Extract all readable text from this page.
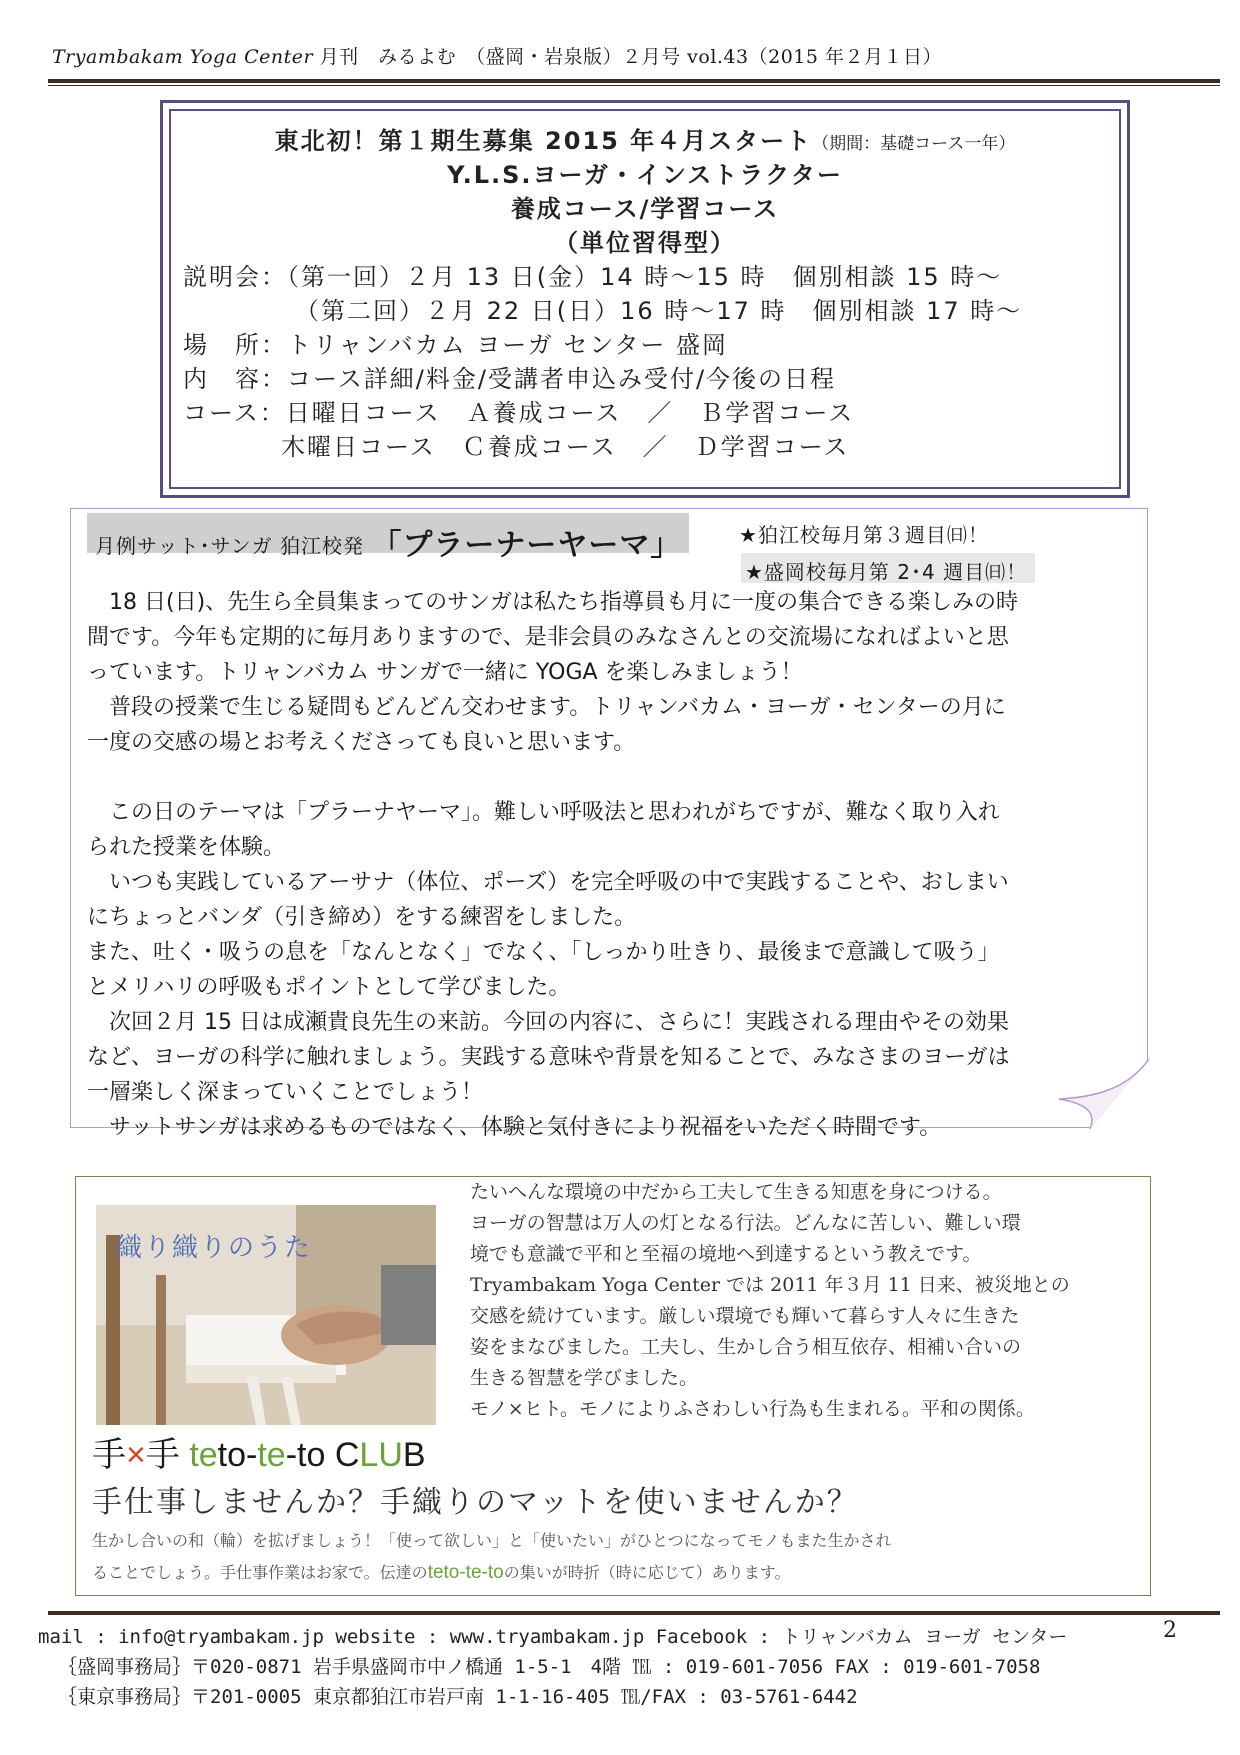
Tryambakam Yoga Center 月刊　みるよむ　（盛岡・岩泉版）２月号 vol.43（2015 年２月１日）
東北初！第１期生募集 2015 年４月スタート（期間：基礎コース一年）
Y.L.S.ヨーガ・インストラクター
養成コース/学習コース
（単位習得型）
説明会：（第一回）２月 13 日(金）14 時〜15 時　個別相談 15 時〜
（第二回）２月 22 日(日）16 時〜17 時　個別相談 17 時〜
場　所：トリャンバカム ヨーガ センター 盛岡
内　容：コース詳細/料金/受講者申込み受付/今後の日程
コース：日曜日コース　Ａ養成コース　／　Ｂ学習コース
木曜日コース　Ｃ養成コース　／　Ｄ学習コース
月例サット･サンガ 狛江校発 「プラーナーヤーマ」	★狛江校毎月第３週目㈰！
★盛岡校毎月第 2･4 週目㈰！

　18 日(日)、先生ら全員集まってのサンガは私たち指導員も月に一度の集合できる楽しみの時

間です。今年も定期的に毎月ありますので、是非会員のみなさんとの交流場になればよいと思

っています。トリャンバカム サンガで一緒に YOGA を楽しみましょう！

　普段の授業で生じる疑問もどんどん交わせます。トリャンバカム・ヨーガ・センターの月に

一度の交感の場とお考えくださっても良いと思います。

　この日のテーマは「プラーナヤーマ」。難しい呼吸法と思われがちですが、難なく取り入れ

られた授業を体験。

　いつも実践しているアーサナ（体位、ポーズ）を完全呼吸の中で実践することや、おしまい

にちょっとバンダ（引き締め）をする練習をしました。

また、吐く・吸うの息を「なんとなく」でなく、「しっかり吐きり、最後まで意識して吸う」

とメリハリの呼吸もポイントとして学びました。

　次回２月 15 日は成瀬貴良先生の来訪。今回の内容に、さらに！実践される理由やその効果

など、ヨーガの科学に触れましょう。実践する意味や背景を知ることで、みなさまのヨーガは

一層楽しく深まっていくことでしょう！

　サットサンガは求めるものではなく、体験と気付きにより祝福をいただく時間です。

織り織りのうた
たいへんな環境の中だから工夫して生きる知恵を身につける。
ヨーガの智慧は万人の灯となる行法。どんなに苦しい、難しい環
境でも意識で平和と至福の境地へ到達するという教えです。
Tryambakam Yoga Center では 2011 年３月 11 日来、被災地との
交感を続けています。厳しい環境でも輝いて暮らす人々に生きた
姿をまなびました。工夫し、生かし合う相互依存、相補い合いの
生きる智慧を学びました。
モノ×ヒト。モノによりふさわしい行為も生まれる。平和の関係。
手×手 teto-te-to CLUB
手仕事しませんか？手織りのマットを使いませんか？
生かし合いの和（輪）を拡げましょう！「使って欲しい」と「使いたい」がひとつになってモノもまた生かされ
ることでしょう。手仕事作業はお家で。伝達のteto-te-toの集いが時折（時に応じて）あります。
mail : info@tryambakam.jp website : www.tryambakam.jp Facebook : トリャンバカム ヨーガ センター
｛盛岡事務局｝〒020-0871 岩手県盛岡市中ノ橋通 1-5-1　4階 ℡ : 019-601-7056 FAX : 019-601-7058
｛東京事務局｝〒201-0005 東京都狛江市岩戸南 1-1-16-405 ℡/FAX : 03-5761-6442
2
